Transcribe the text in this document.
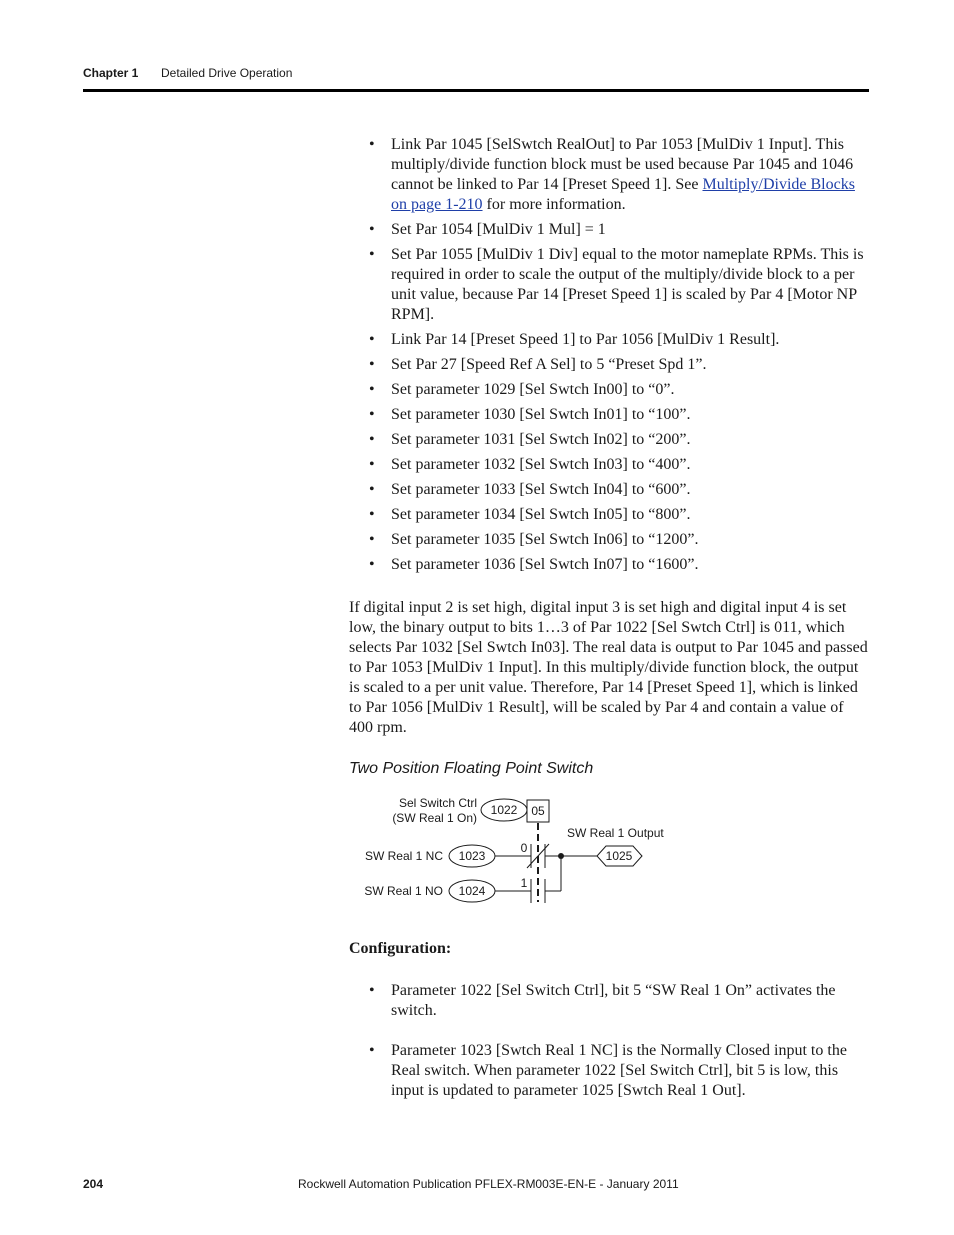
Chapter 1 Detailed Drive Operation
• Link Par 1045 [SelSwtch RealOut] to Par 1053 [MulDiv 1 Input]. This multiply/divide function block must be used because Par 1045 and 1046 cannot be linked to Par 14 [Preset Speed 1]. See Multiply/Divide Blocks on page 1-210 for more information.
• Set Par 1054 [MulDiv 1 Mul] = 1
• Set Par 1055 [MulDiv 1 Div] equal to the motor nameplate RPMs. This is required in order to scale the output of the multiply/divide block to a per unit value, because Par 14 [Preset Speed 1] is scaled by Par 4 [Motor NP RPM].
• Link Par 14 [Preset Speed 1] to Par 1056 [MulDiv 1 Result].
• Set Par 27 [Speed Ref A Sel] to 5 “Preset Spd 1”.
• Set parameter 1029 [Sel Swtch In00] to “0”.
• Set parameter 1030 [Sel Swtch In01] to “100”.
• Set parameter 1031 [Sel Swtch In02] to “200”.
• Set parameter 1032 [Sel Swtch In03] to “400”.
• Set parameter 1033 [Sel Swtch In04] to “600”.
• Set parameter 1034 [Sel Swtch In05] to “800”.
• Set parameter 1035 [Sel Swtch In06] to “1200”.
• Set parameter 1036 [Sel Swtch In07] to “1600”.

If digital input 2 is set high, digital input 3 is set high and digital input 4 is set low, the binary output to bits 1…3 of Par 1022 [Sel Swtch Ctrl] is 011, which selects Par 1032 [Sel Swtch In03]. The real data is output to Par 1045 and passed to Par 1053 [MulDiv 1 Input]. In this multiply/divide function block, the output is scaled to a per unit value. Therefore, Par 14 [Preset Speed 1], which is linked to Par 1056 [MulDiv 1 Result], will be scaled by Par 4 and contain a value of 400 rpm.

Two Position Floating Point Switch
Sel Switch Ctrl
(SW Real 1 On)
1022 05
SW Real 1 Output
SW Real 1 NC 1023
0
SW Real 1 NO 1024
1
1025
Configuration:
• Parameter 1022 [Sel Switch Ctrl], bit 5 “SW Real 1 On” activates the switch.
• Parameter 1023 [Swtch Real 1 NC] is the Normally Closed input to the Real switch. When parameter 1022 [Sel Switch Ctrl], bit 5 is low, this input is updated to parameter 1025 [Swtch Real 1 Out].
204	Rockwell Automation Publication PFLEX-RM003E-EN-E - January 2011
